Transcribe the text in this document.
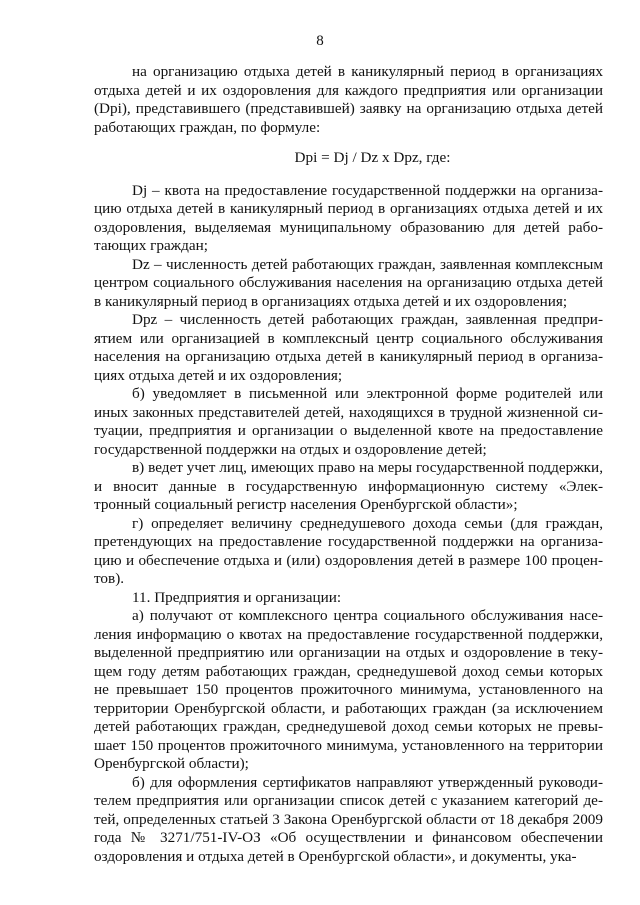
8

на организацию отдыха детей в каникулярный период в организациях отдыха детей и их оздоровления для каждого предприятия или организации (Dpi), представившего (представившей) заявку на организацию отдыха детей работающих граждан, по формуле:

Dpi = Dj / Dz x Dpz, где:

Dj – квота на предоставление государственной поддержки на организацию отдыха детей в каникулярный период в организациях отдыха детей и их оздоровления, выделяемая муниципальному образованию для детей работающих граждан;

Dz – численность детей работающих граждан, заявленная комплексным центром социального обслуживания населения на организацию отдыха детей в каникулярный период в организациях отдыха детей и их оздоровления;

Dpz – численность детей работающих граждан, заявленная предприятием или организацией в комплексный центр социального обслуживания населения на организацию отдыха детей в каникулярный период в организациях отдыха детей и их оздоровления;

б) уведомляет в письменной или электронной форме родителей или иных законных представителей детей, находящихся в трудной жизненной ситуации, предприятия и организации о выделенной квоте на предоставление государственной поддержки на отдых и оздоровление детей;

в) ведет учет лиц, имеющих право на меры государственной поддержки, и вносит данные в государственную информационную систему «Электронный социальный регистр населения Оренбургской области»;

г) определяет величину среднедушевого дохода семьи (для граждан, претендующих на предоставление государственной поддержки на организацию и обеспечение отдыха и (или) оздоровления детей в размере 100 процентов).

11. Предприятия и организации:

а) получают от комплексного центра социального обслуживания населения информацию о квотах на предоставление государственной поддержки, выделенной предприятию или организации на отдых и оздоровление в текущем году детям работающих граждан, среднедушевой доход семьи которых не превышает 150 процентов прожиточного минимума, установленного на территории Оренбургской области, и работающих граждан (за исключением детей работающих граждан, среднедушевой доход семьи которых не превышает 150 процентов прожиточного минимума, установленного на территории Оренбургской области);

б) для оформления сертификатов направляют утвержденный руководителем предприятия или организации список детей с указанием категорий детей, определенных статьей 3 Закона Оренбургской области от 18 декабря 2009 года № 3271/751-IV-ОЗ «Об осуществлении и финансовом обеспечении оздоровления и отдыха детей в Оренбургской области», и документы, ука-
